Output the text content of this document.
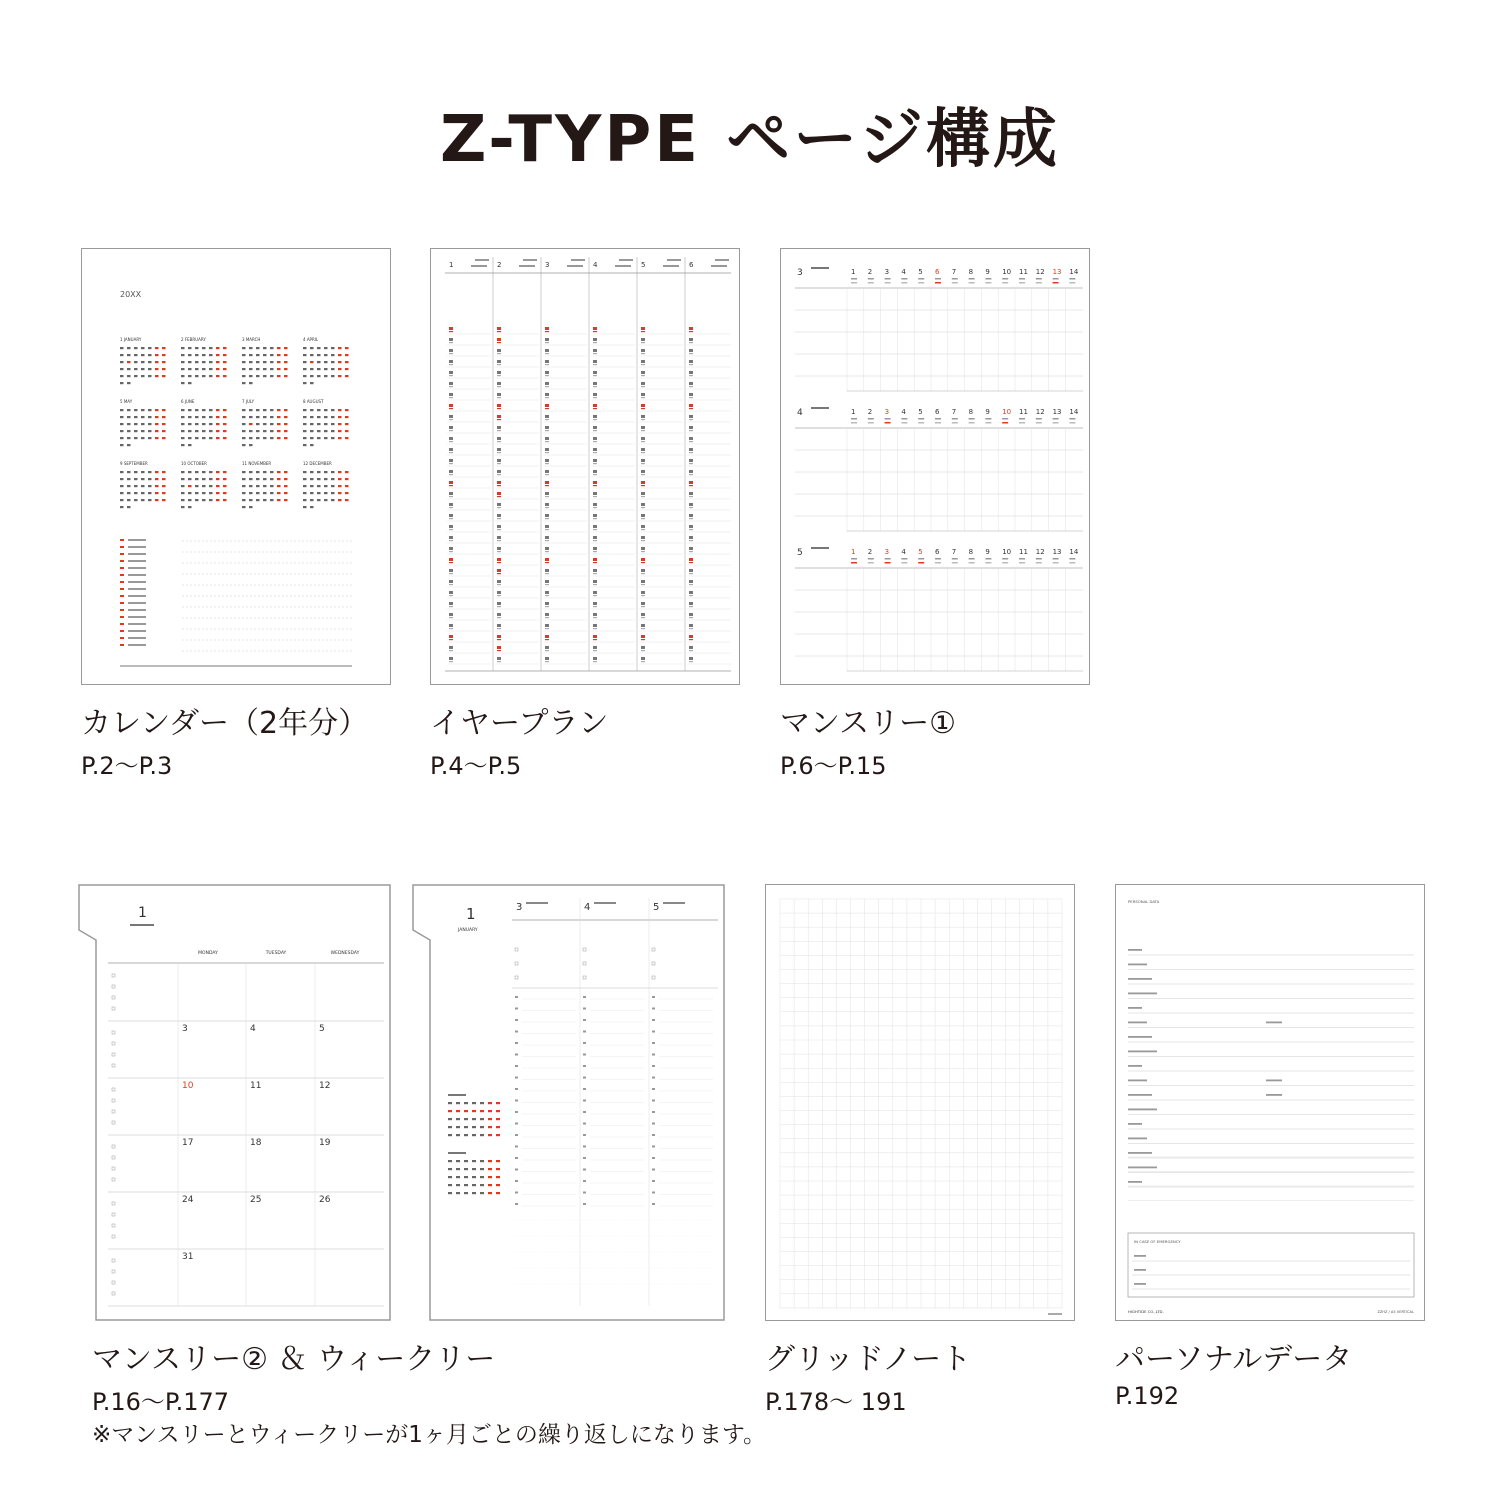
Z-TYPE ページ構成
20XX
1 JANUARY	2 FEBRUARY	3 MARCH	4 APRIL
5 MAY	6 JUNE	7 JULY	8 AUGUST
9 SEPTEMBER	10 OCTOBER	11 NOVEMBER	12 DECEMBER
1	2	3	4	5	6
3	1 2 3 4 5 6 7 8 9 10 11 12 13 14
4	1 2 3 4 5 6 7 8 9 10 11 12 13 14
5	1 2 3 4 5 6 7 8 9 10 11 12 13 14
1
MONDAY	TUESDAY	WEDNESDAY
3	4	5
10	11	12
17	18	19
24	25	26
31
1
JANUARY
3	4	5
PERSONAL DATA
IN CASE OF EMERGENCY
HIGHTIDE CO.,LTD.	ZZHZ / A5 VERTICAL
カレンダー（2年分）
P.2〜P.3
イヤープラン
P.4〜P.5
マンスリー①
P.6〜P.15
マンスリー② ＆ ウィークリー
P.16〜P.177
グリッドノート
P.178〜 191
パーソナルデータ
P.192
※マンスリーとウィークリーが1ヶ月ごとの繰り返しになります。
